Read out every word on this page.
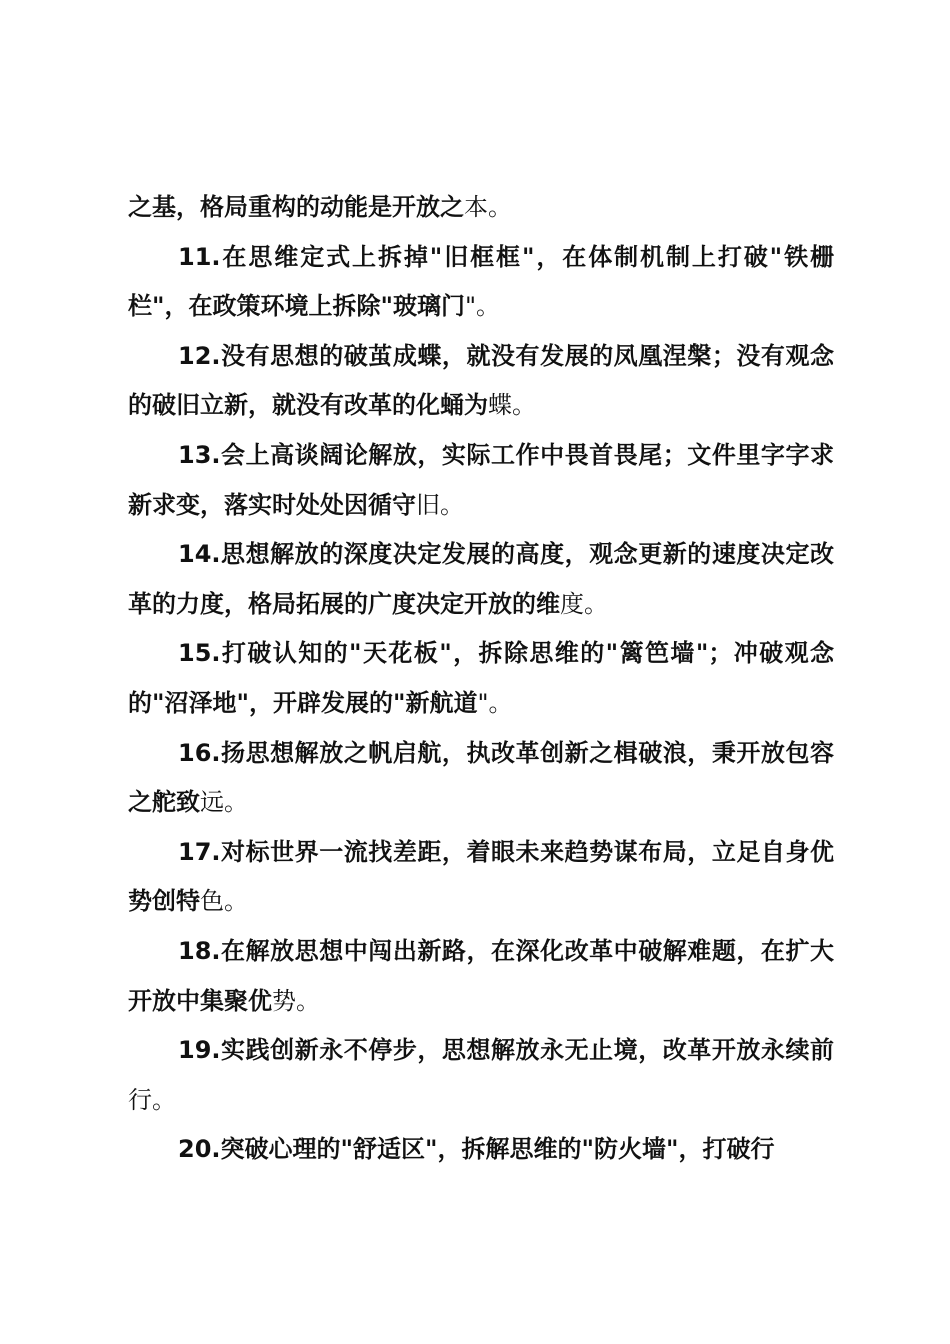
之基，格局重构的动能是开放之本。

11.在思维定式上拆掉"旧框框"，在体制机制上打破"铁栅栏"，在政策环境上拆除"玻璃门"。

12.没有思想的破茧成蝶，就没有发展的凤凰涅槃；没有观念的破旧立新，就没有改革的化蛹为蝶。

13.会上高谈阔论解放，实际工作中畏首畏尾；文件里字字求新求变，落实时处处因循守旧。

14.思想解放的深度决定发展的高度，观念更新的速度决定改革的力度，格局拓展的广度决定开放的维度。

15.打破认知的"天花板"，拆除思维的"篱笆墙"；冲破观念的"沼泽地"，开辟发展的"新航道"。

16.扬思想解放之帆启航，执改革创新之楫破浪，秉开放包容之舵致远。

17.对标世界一流找差距，着眼未来趋势谋布局，立足自身优势创特色。

18.在解放思想中闯出新路，在深化改革中破解难题，在扩大开放中集聚优势。

19.实践创新永不停步，思想解放永无止境，改革开放永续前行。

20.突破心理的"舒适区"，拆解思维的"防火墙"，打破行
